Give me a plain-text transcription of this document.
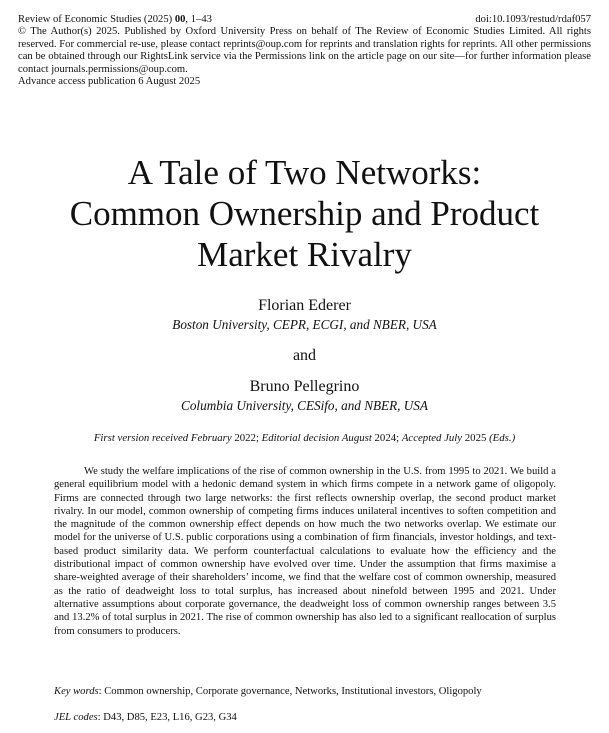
Review of Economic Studies (2025) 00, 1–43	doi:10.1093/restud/rdaf057

© The Author(s) 2025. Published by Oxford University Press on behalf of The Review of Economic Studies Limited. All rights reserved. For commercial re-use, please contact reprints@oup.com for reprints and translation rights for reprints. All other permissions can be obtained through our RightsLink service via the Permissions link on the article page on our site—for further information please contact journals.permissions@oup.com.

Advance access publication 6 August 2025

A Tale of Two Networks:
Common Ownership and Product
Market Rivalry
Florian Ederer
Boston University, CEPR, ECGI, and NBER, USA
and
Bruno Pellegrino
Columbia University, CESifo, and NBER, USA
First version received February 2022; Editorial decision August 2024; Accepted July 2025 (Eds.)

We study the welfare implications of the rise of common ownership in the U.S. from 1995 to 2021. We build a general equilibrium model with a hedonic demand system in which firms compete in a network game of oligopoly. Firms are connected through two large networks: the first reflects ownership overlap, the second product market rivalry. In our model, common ownership of competing firms induces unilateral incentives to soften competition and the magnitude of the common ownership effect depends on how much the two networks overlap. We estimate our model for the universe of U.S. public corporations using a combination of firm financials, investor holdings, and text-based product similarity data. We perform counterfactual calculations to evaluate how the efficiency and the distributional impact of common ownership have evolved over time. Under the assumption that firms maximise a share-weighted average of their shareholders’ income, we find that the welfare cost of common ownership, measured as the ratio of deadweight loss to total surplus, has increased about ninefold between 1995 and 2021. Under alternative assumptions about corporate governance, the deadweight loss of common ownership ranges between 3.5 and 13.2% of total surplus in 2021. The rise of common ownership has also led to a significant reallocation of surplus from consumers to producers.

Key words: Common ownership, Corporate governance, Networks, Institutional investors, Oligopoly
JEL codes: D43, D85, E23, L16, G23, G34
